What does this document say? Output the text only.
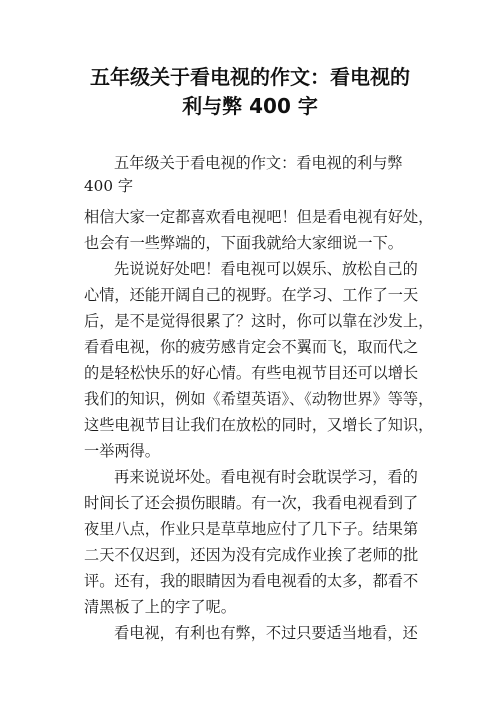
五年级关于看电视的作文：看电视的
利与弊 400 字
五年级关于看电视的作文：看电视的利与弊
400 字
相信大家一定都喜欢看电视吧！但是看电视有好处，
也会有一些弊端的，下面我就给大家细说一下。
先说说好处吧！看电视可以娱乐、放松自己的
心情，还能开阔自己的视野。在学习、工作了一天
后，是不是觉得很累了？这时，你可以靠在沙发上，
看看电视，你的疲劳感肯定会不翼而飞，取而代之
的是轻松快乐的好心情。有些电视节目还可以增长
我们的知识，例如《希望英语》、《动物世界》等等，
这些电视节目让我们在放松的同时，又增长了知识，
一举两得。
再来说说坏处。看电视有时会耽误学习，看的
时间长了还会损伤眼睛。有一次，我看电视看到了
夜里八点，作业只是草草地应付了几下子。结果第
二天不仅迟到，还因为没有完成作业挨了老师的批
评。还有，我的眼睛因为看电视看的太多，都看不
清黑板了上的字了呢。
看电视，有利也有弊，不过只要适当地看，还
